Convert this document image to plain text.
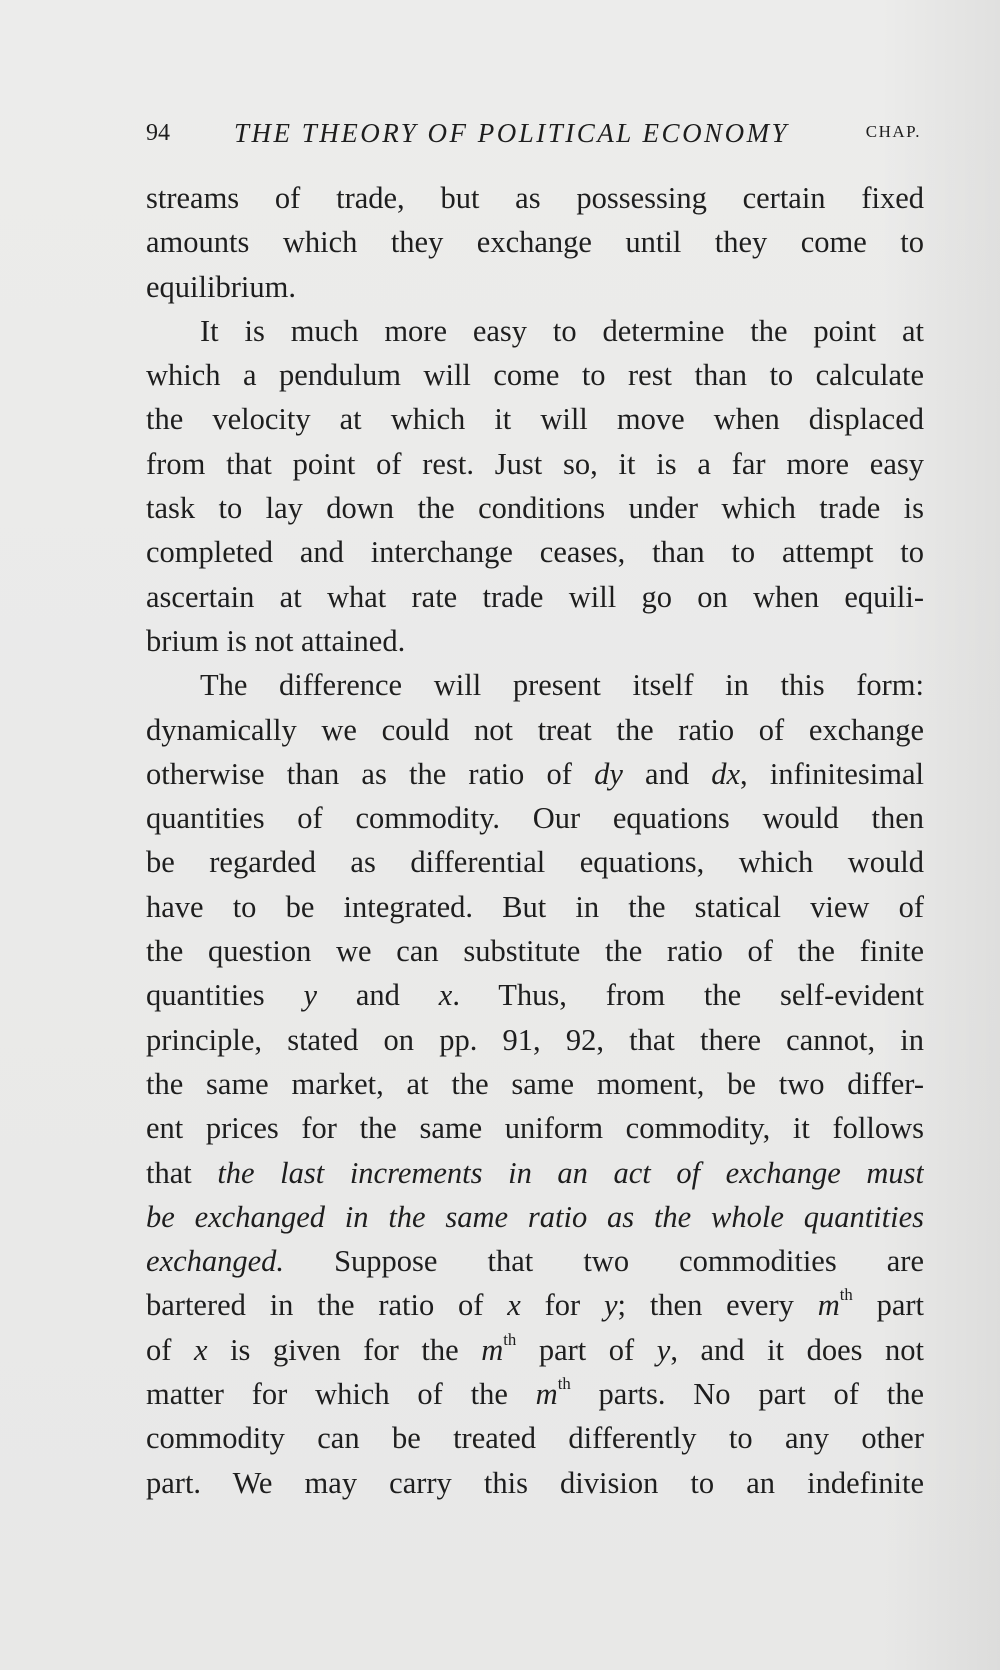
94 THE THEORY OF POLITICAL ECONOMY	CHAP.
streams of trade, but as possessing certain fixed
amounts which they exchange until they come to
equilibrium.
It is much more easy to determine the point at
which a pendulum will come to rest than to calculate
the velocity at which it will move when displaced
from that point of rest. Just so, it is a far more easy
task to lay down the conditions under which trade is
completed and interchange ceases, than to attempt to
ascertain at what rate trade will go on when equili-
brium is not attained.
The difference will present itself in this form:
dynamically we could not treat the ratio of exchange
otherwise than as the ratio of dy and dx, infinitesimal
quantities of commodity. Our equations would then
be regarded as differential equations, which would
have to be integrated. But in the statical view of
the question we can substitute the ratio of the finite
quantities y and x. Thus, from the self-evident
principle, stated on pp. 91, 92, that there cannot, in
the same market, at the same moment, be two differ-
ent prices for the same uniform commodity, it follows
that the last increments in an act of exchange must
be exchanged in the same ratio as the whole quantities
exchanged. Suppose that two commodities are
bartered in the ratio of x for y; then every $m^{th}$ part
of x is given for the $m^{th}$ part of y, and it does not
matter for which of the $m^{th}$ parts. No part of the
commodity can be treated differently to any other
part. We may carry this division to an indefinite
